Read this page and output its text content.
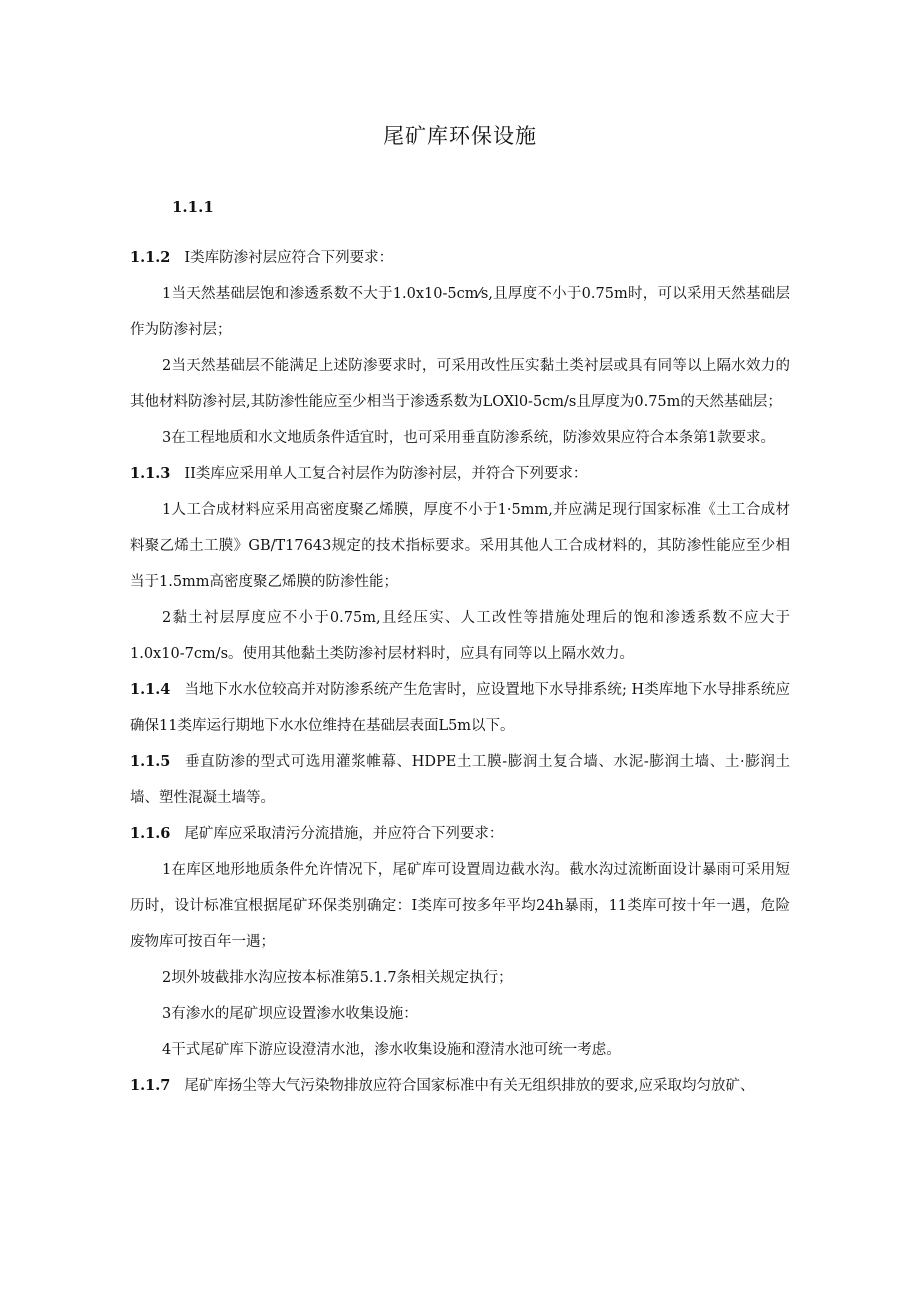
尾矿库环保设施
1.1.1

1.1.2 I类库防渗衬层应符合下列要求：

1当天然基础层饱和渗透系数不大于1.0x10-5cm⁄s,且厚度不小于0.75m时，可以采用天然基础层作为防渗衬层；

2当天然基础层不能满足上述防渗要求时，可采用改性压实黏土类衬层或具有同等以上隔水效力的其他材料防渗衬层,其防渗性能应至少相当于渗透系数为LOXl0-5cm/s且厚度为0.75m的天然基础层；

3在工程地质和水文地质条件适宜时，也可采用垂直防渗系统，防渗效果应符合本条第1款要求。

1.1.3 II类库应采用单人工复合衬层作为防渗衬层，并符合下列要求：

1人工合成材料应采用高密度聚乙烯膜，厚度不小于1·5mm,并应满足现行国家标准《土工合成材料聚乙烯土工膜》GB/T17643规定的技术指标要求。采用其他人工合成材料的，其防渗性能应至少相当于1.5mm高密度聚乙烯膜的防渗性能；

2黏土衬层厚度应不小于0.75m,且经压实、人工改性等措施处理后的饱和渗透系数不应大于1.0x10-7cm/s。使用其他黏土类防渗衬层材料时，应具有同等以上隔水效力。

1.1.4 当地下水水位较高并对防渗系统产生危害时，应设置地下水导排系统; H类库地下水导排系统应确保11类库运行期地下水水位维持在基础层表面L5m以下。

1.1.5 垂直防渗的型式可选用灌浆帷幕、HDPE土工膜-膨润土复合墙、水泥-膨润土墙、土·膨润土墙、塑性混凝土墙等。

1.1.6 尾矿库应采取清污分流措施，并应符合下列要求：

1在库区地形地质条件允许情况下，尾矿库可设置周边截水沟。截水沟过流断面设计暴雨可采用短历时，设计标准宜根据尾矿环保类别确定：I类库可按多年平均24h暴雨，11类库可按十年一遇，危险废物库可按百年一遇；

2坝外坡截排水沟应按本标准第5.1.7条相关规定执行；

3有渗水的尾矿坝应设置渗水收集设施：

4干式尾矿库下游应设澄清水池，渗水收集设施和澄清水池可统一考虑。

1.1.7 尾矿库扬尘等大气污染物排放应符合国家标准中有关无组织排放的要求,应采取均匀放矿、
